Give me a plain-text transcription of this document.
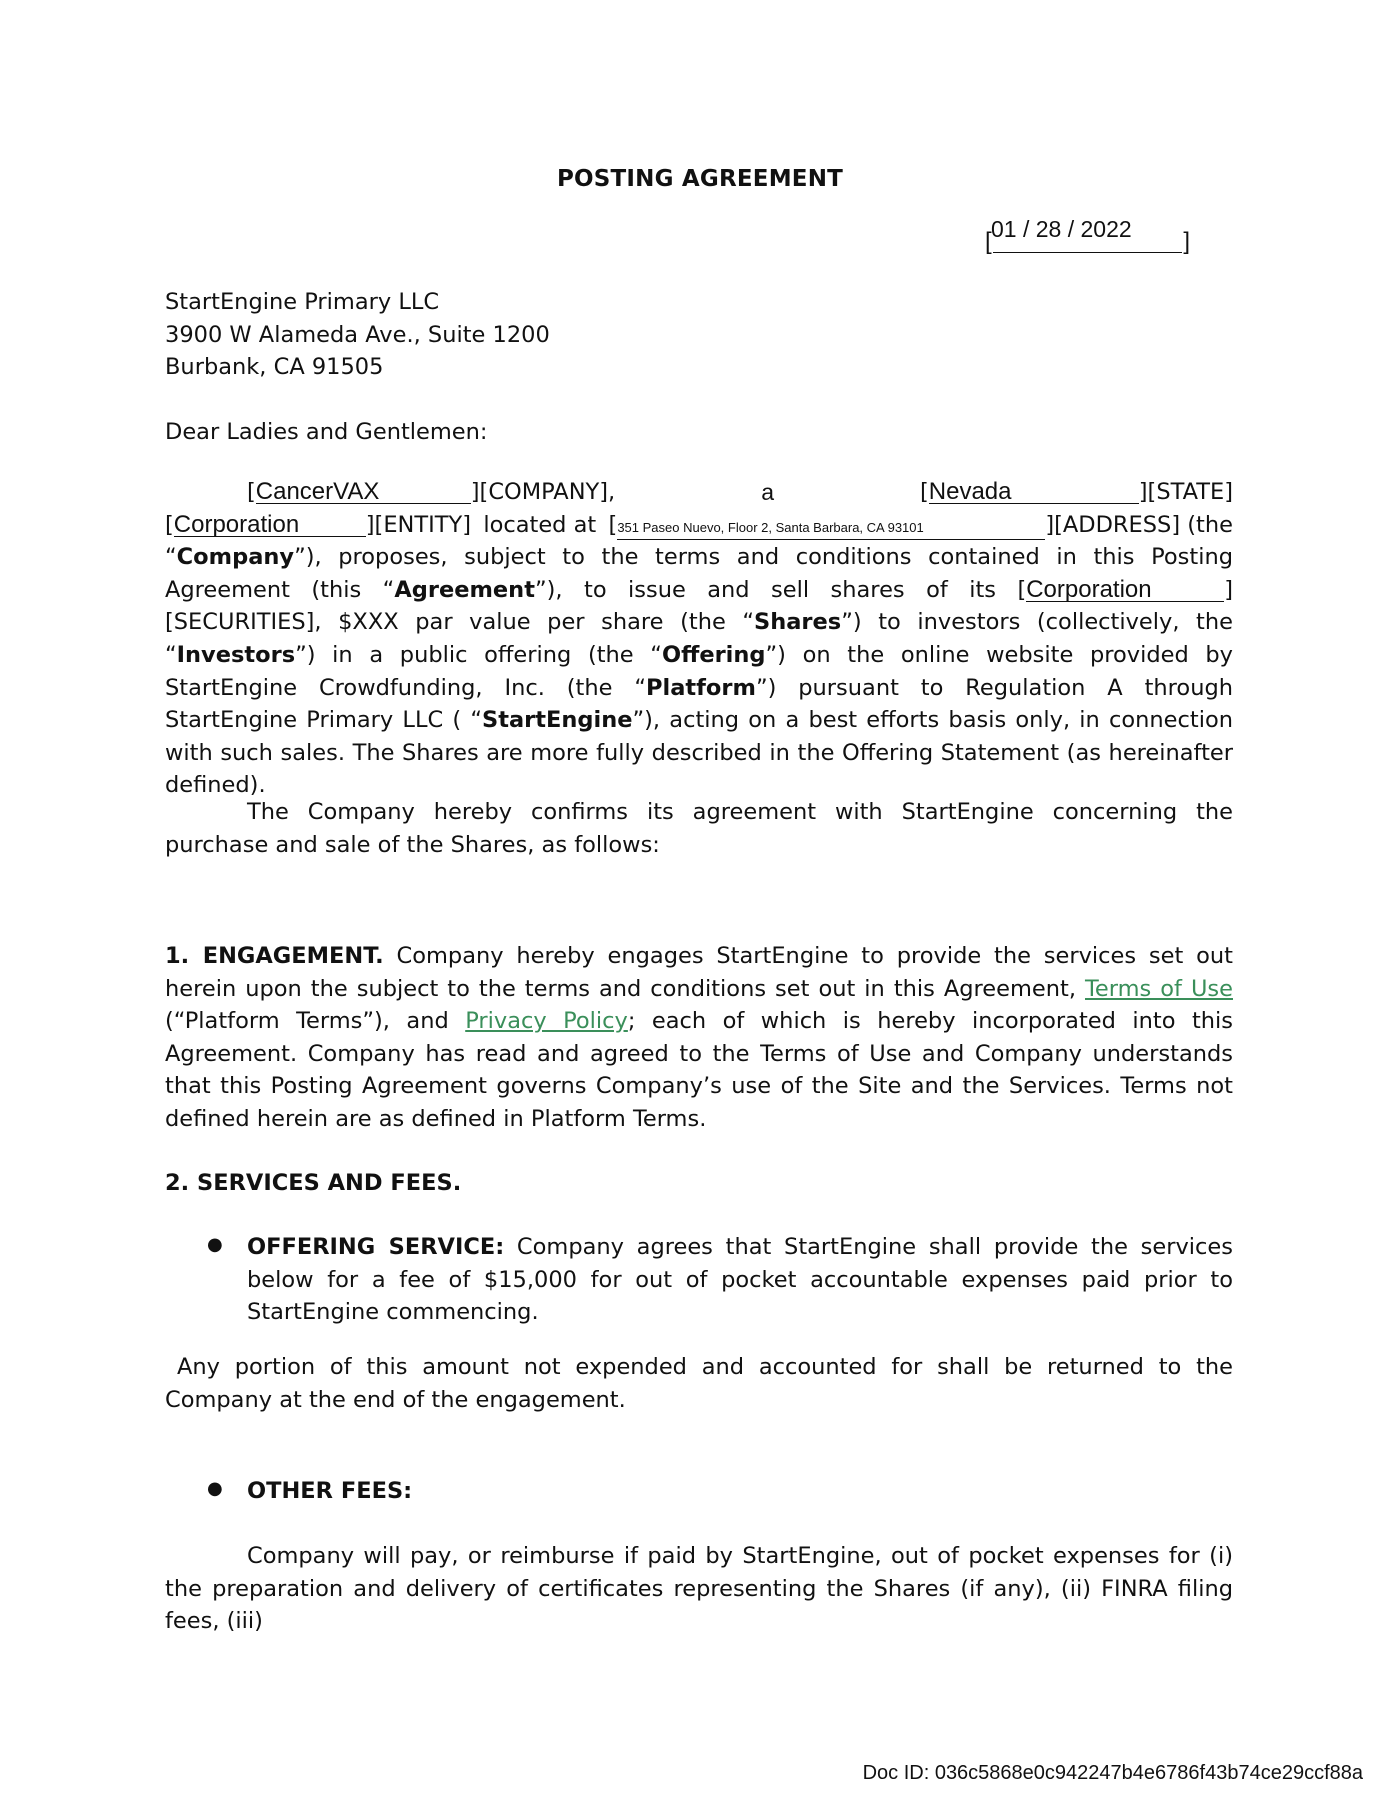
POSTING AGREEMENT
[ 01 / 28 / 2022 ]
StartEngine Primary LLC
3900 W Alameda Ave., Suite 1200
Burbank, CA 91505
Dear Ladies and Gentlemen:
[CancerVAX	][COMPANY],	a	[Nevada	][STATE]
[Corporation	][ENTITY] located at [351 Paseo Nuevo, Floor 2, Santa Barbara, CA 93101	][ADDRESS] (the
“Company”), proposes, subject to the terms and conditions contained in this Posting Agreement (this “Agreement”), to issue and sell shares of its [Corporation	][SECURITIES], $XXX par value per share (the “Shares”) to investors (collectively, the “Investors”) in a public offering (the “Offering”) on the online website provided by StartEngine Crowdfunding, Inc. (the “Platform”) pursuant to Regulation A through StartEngine Primary LLC ( “StartEngine”), acting on a best efforts basis only, in connection with such sales. The Shares are more fully described in the Offering Statement (as hereinafter defined).
The Company hereby confirms its agreement with StartEngine concerning the purchase and sale of the Shares, as follows:
1. ENGAGEMENT. Company hereby engages StartEngine to provide the services set out herein upon the subject to the terms and conditions set out in this Agreement, Terms of Use (“Platform Terms”), and Privacy Policy; each of which is hereby incorporated into this Agreement. Company has read and agreed to the Terms of Use and Company understands that this Posting Agreement governs Company’s use of the Site and the Services. Terms not defined herein are as defined in Platform Terms.
2. SERVICES AND FEES.
● OFFERING SERVICE: Company agrees that StartEngine shall provide the services below for a fee of $15,000 for out of pocket accountable expenses paid prior to StartEngine commencing.
Any portion of this amount not expended and accounted for shall be returned to the Company at the end of the engagement.
● OTHER FEES:
Company will pay, or reimburse if paid by StartEngine, out of pocket expenses for (i) the preparation and delivery of certificates representing the Shares (if any), (ii) FINRA filing fees, (iii)
Doc ID: 036c5868e0c942247b4e6786f43b74ce29ccf88a
